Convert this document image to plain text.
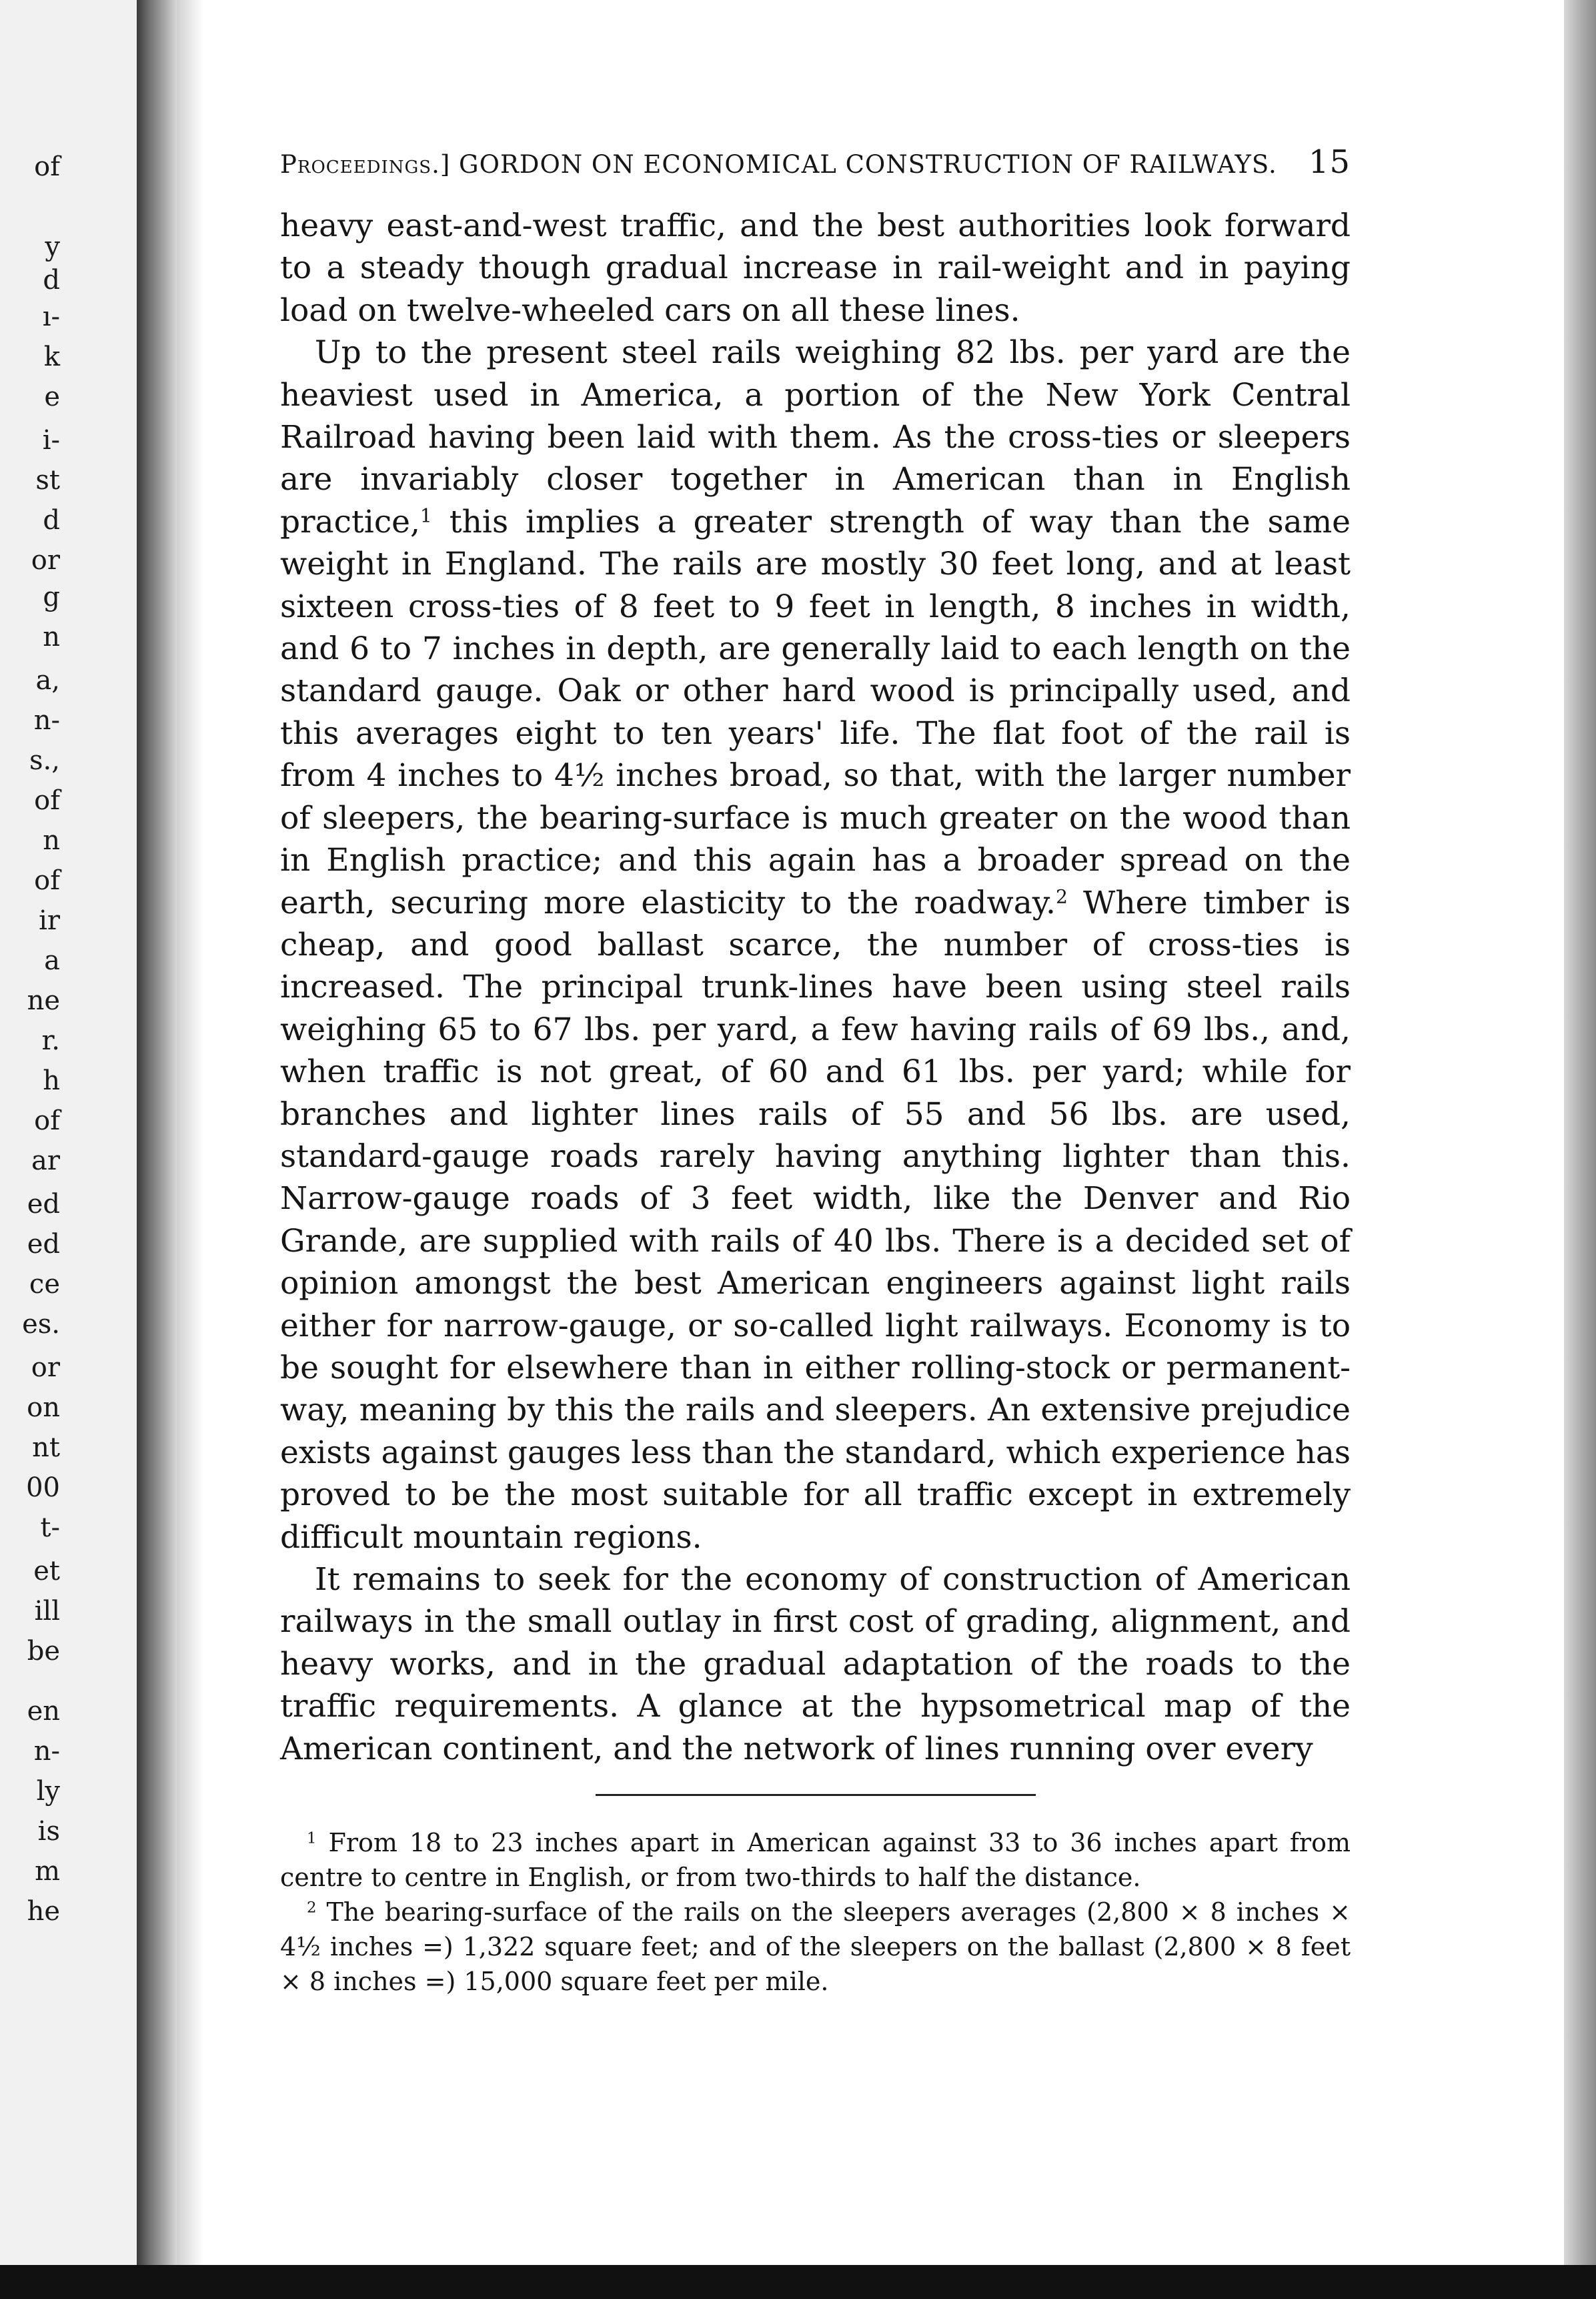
of
y
d
ı-
k
e
i-
st
d
or
g
n
a,
n-
s.,
of
n
of
ir
a
ne
r.
h
of
ar
ed
ed
ce
es.
or
on
nt
00
t-
et
ill
be
en
n-
ly
is
m
he
Proceedings.] GORDON ON ECONOMICAL CONSTRUCTION OF RAILWAYS. 15

heavy east-and-west traffic, and the best authorities look forward to a steady though gradual increase in rail-weight and in paying load on twelve-wheeled cars on all these lines.

Up to the present steel rails weighing 82 lbs. per yard are the heaviest used in America, a portion of the New York Central Railroad having been laid with them. As the cross-ties or sleepers are invariably closer together in American than in English practice,$^1$ this implies a greater strength of way than the same weight in England. The rails are mostly 30 feet long, and at least sixteen cross-ties of 8 feet to 9 feet in length, 8 inches in width, and 6 to 7 inches in depth, are generally laid to each length on the standard gauge. Oak or other hard wood is principally used, and this averages eight to ten years' life. The flat foot of the rail is from 4 inches to 4½ inches broad, so that, with the larger number of sleepers, the bearing-surface is much greater on the wood than in English practice; and this again has a broader spread on the earth, securing more elasticity to the roadway.$^2$ Where timber is cheap, and good ballast scarce, the number of cross-ties is increased. The principal trunk-lines have been using steel rails weighing 65 to 67 lbs. per yard, a few having rails of 69 lbs., and, when traffic is not great, of 60 and 61 lbs. per yard; while for branches and lighter lines rails of 55 and 56 lbs. are used, standard-gauge roads rarely having anything lighter than this. Narrow-gauge roads of 3 feet width, like the Denver and Rio Grande, are supplied with rails of 40 lbs. There is a decided set of opinion amongst the best American engineers against light rails either for narrow-gauge, or so-called light railways. Economy is to be sought for elsewhere than in either rolling-stock or permanent-way, meaning by this the rails and sleepers. An extensive prejudice exists against gauges less than the standard, which experience has proved to be the most suitable for all traffic except in extremely difficult mountain regions.

It remains to seek for the economy of construction of American railways in the small outlay in first cost of grading, alignment, and heavy works, and in the gradual adaptation of the roads to the traffic requirements. A glance at the hypsometrical map of the American continent, and the network of lines running over every

$^1$ From 18 to 23 inches apart in American against 33 to 36 inches apart from centre to centre in English, or from two-thirds to half the distance.

$^2$ The bearing-surface of the rails on the sleepers averages (2,800 × 8 inches × 4½ inches =) 1,322 square feet; and of the sleepers on the ballast (2,800 × 8 feet × 8 inches =) 15,000 square feet per mile.
